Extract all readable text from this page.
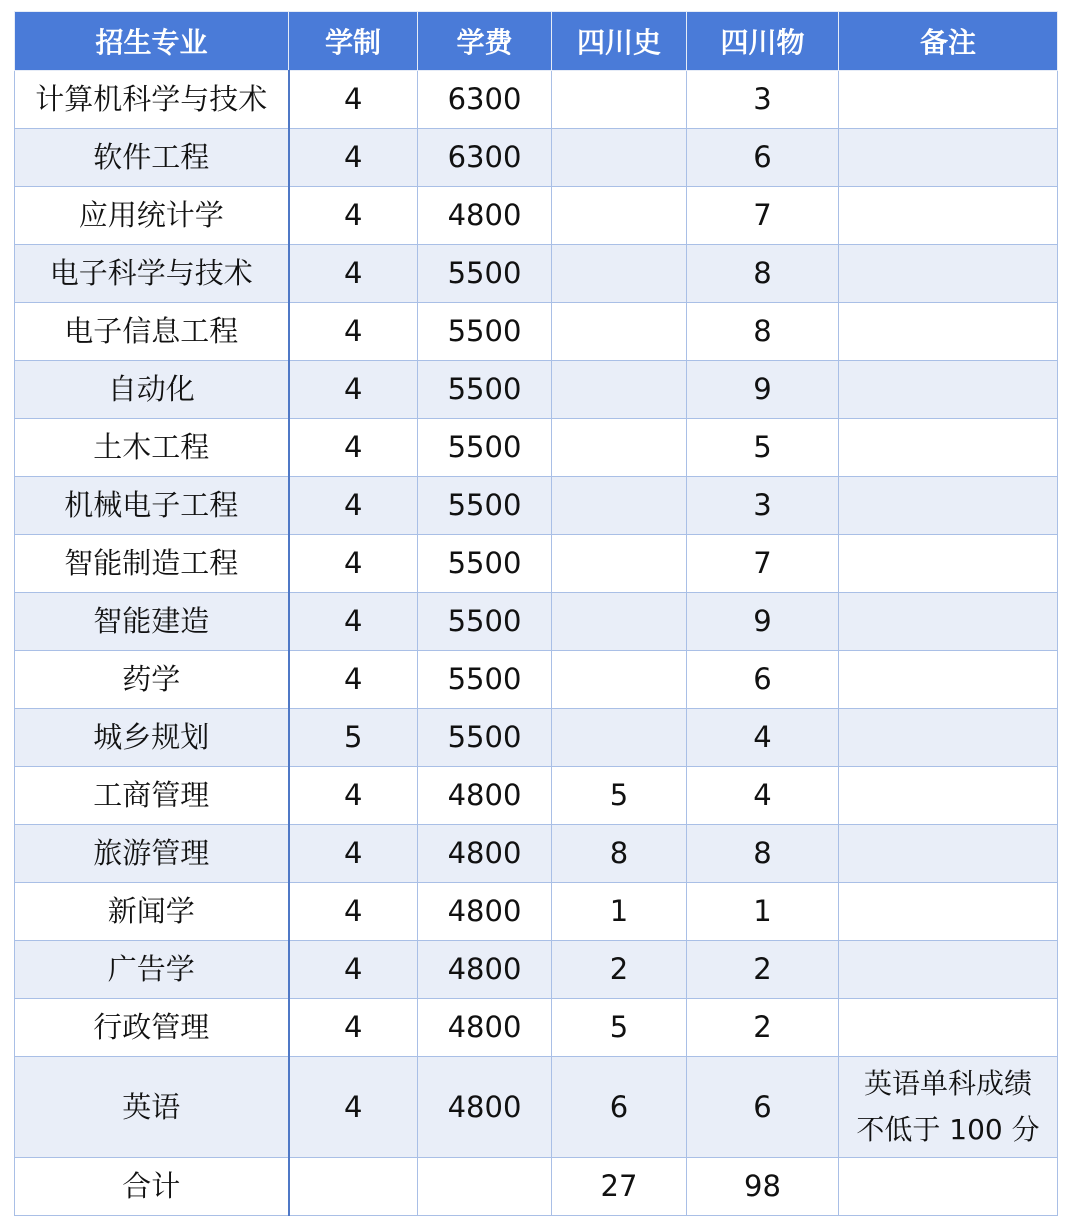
招生专业	学制	学费	四川史	四川物	备注
计算机科学与技术	4	6300		3	
软件工程	4	6300		6	
应用统计学	4	4800		7	
电子科学与技术	4	5500		8	
电子信息工程	4	5500		8	
自动化	4	5500		9	
土木工程	4	5500		5	
机械电子工程	4	5500		3	
智能制造工程	4	5500		7	
智能建造	4	5500		9	
药学	4	5500		6	
城乡规划	5	5500		4	
工商管理	4	4800	5	4	
旅游管理	4	4800	8	8	
新闻学	4	4800	1	1	
广告学	4	4800	2	2	
行政管理	4	4800	5	2	
英语	4	4800	6	6	英语单科成绩
不低于 100 分

合计			27	98	
